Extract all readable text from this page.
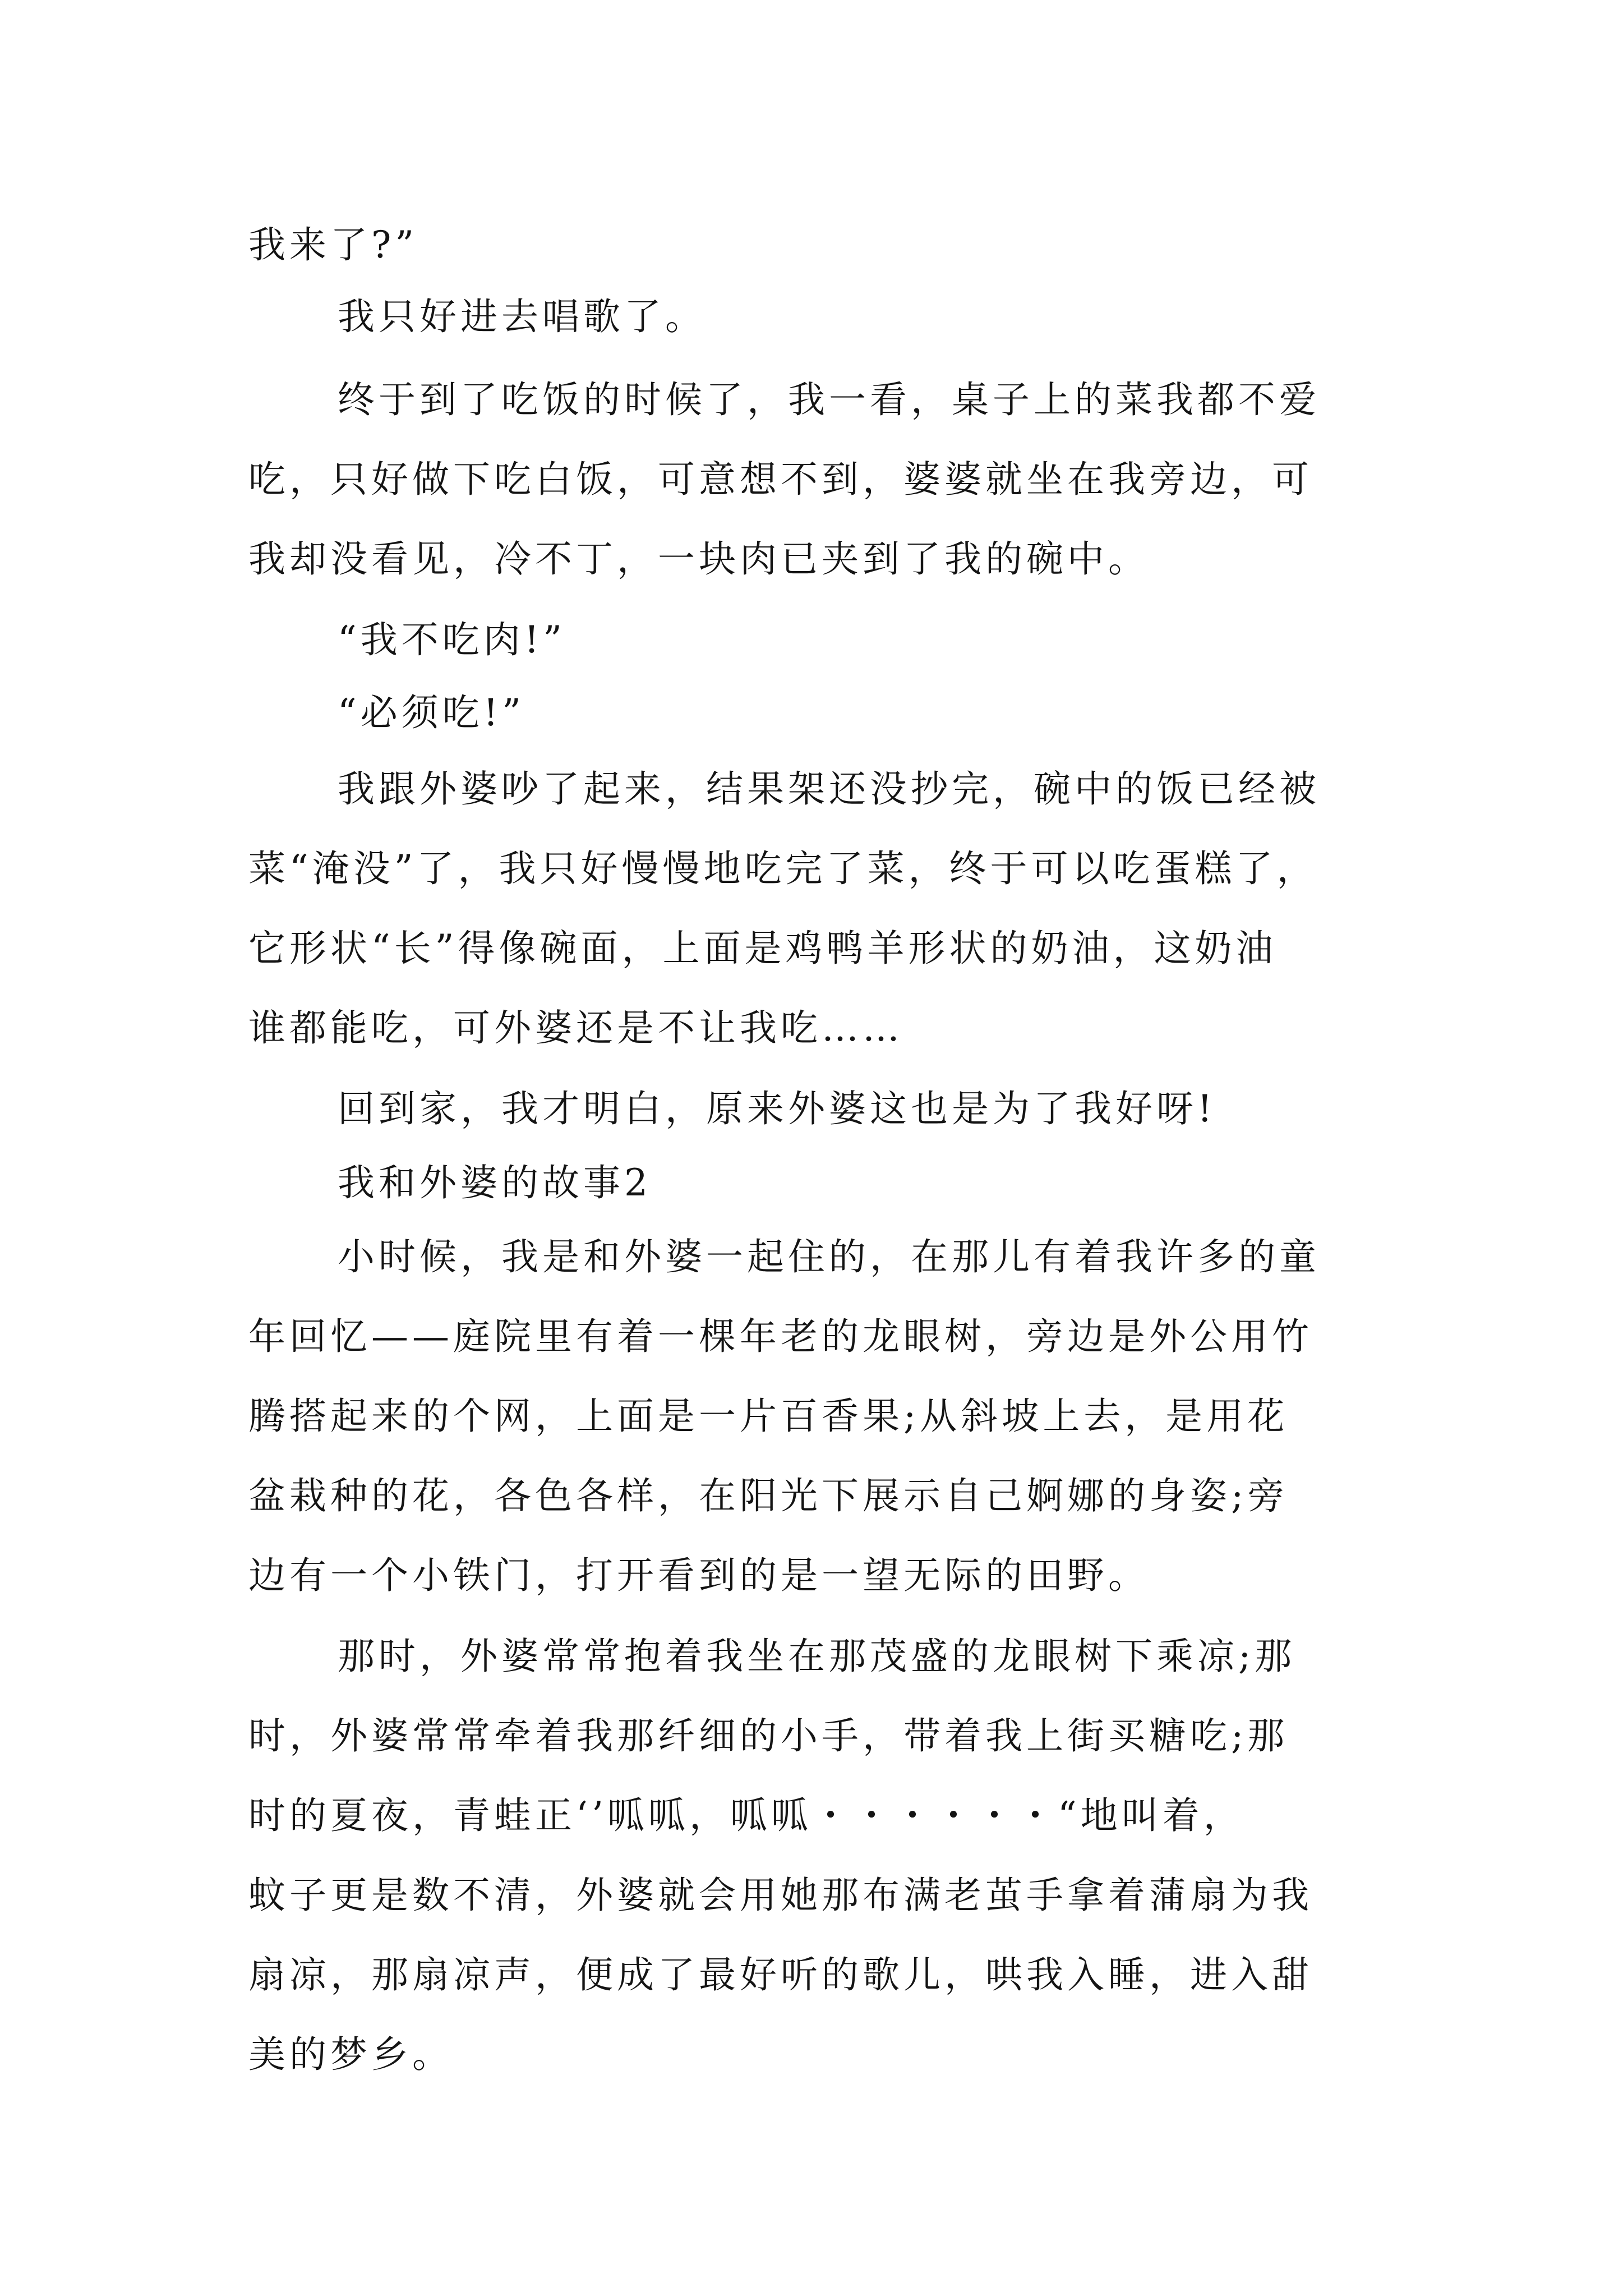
我来了?”
我只好进去唱歌了。
终于到了吃饭的时候了，我一看，桌子上的菜我都不爱
吃，只好做下吃白饭，可意想不到，婆婆就坐在我旁边，可
我却没看见，冷不丁，一块肉已夹到了我的碗中。
“我不吃肉!”
“必须吃!”
我跟外婆吵了起来，结果架还没抄完，碗中的饭已经被
菜“淹没”了，我只好慢慢地吃完了菜，终于可以吃蛋糕了，
它形状“长”得像碗面，上面是鸡鸭羊形状的奶油，这奶油
谁都能吃，可外婆还是不让我吃……
回到家，我才明白，原来外婆这也是为了我好呀!
我和外婆的故事2
小时候，我是和外婆一起住的，在那儿有着我许多的童
年回忆——庭院里有着一棵年老的龙眼树，旁边是外公用竹
腾搭起来的个网，上面是一片百香果;从斜坡上去，是用花
盆栽种的花，各色各样，在阳光下展示自己婀娜的身姿;旁
边有一个小铁门，打开看到的是一望无际的田野。
那时，外婆常常抱着我坐在那茂盛的龙眼树下乘凉;那
时，外婆常常牵着我那纤细的小手，带着我上街买糖吃;那
时的夏夜，青蛙正‘’呱呱，呱呱・・・・・・“地叫着，
蚊子更是数不清，外婆就会用她那布满老茧手拿着蒲扇为我
扇凉，那扇凉声，便成了最好听的歌儿，哄我入睡，进入甜
美的梦乡。
